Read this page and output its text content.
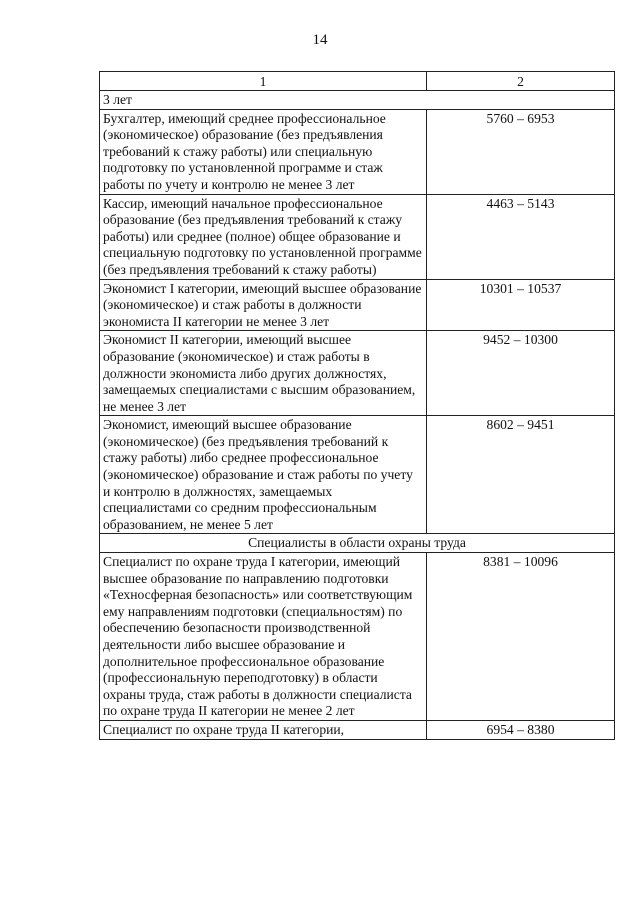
14
1	2
3 лет	
Бухгалтер, имеющий среднее профессиональное (экономическое) образование (без предъявления требований к стажу работы) или специальную подготовку по установленной программе и стаж работы по учету и контролю не менее 3 лет	5760 – 6953
Кассир, имеющий начальное профессиональное образование (без предъявления требований к стажу работы) или среднее (полное) общее образование и специальную подготовку по установленной программе (без предъявления требований к стажу работы)	4463 – 5143
Экономист I категории, имеющий высшее образование (экономическое) и стаж работы в должности экономиста II категории не менее 3 лет	10301 – 10537
Экономист II категории, имеющий высшее образование (экономическое) и стаж работы в должности экономиста либо других должностях, замещаемых специалистами с высшим образованием, не менее 3 лет	9452 – 10300
Экономист, имеющий высшее образование (экономическое) (без предъявления требований к стажу работы) либо среднее профессиональное (экономическое) образование и стаж работы по учету и контролю в должностях, замещаемых специалистами со средним профессиональным образованием, не менее 5 лет	8602 – 9451
Специалисты в области охраны труда	
Специалист по охране труда I категории, имеющий высшее образование по направлению подготовки «Техносферная безопасность» или соответствующим ему направлениям подготовки (специальностям) по обеспечению безопасности производственной деятельности либо высшее образование и дополнительное профессиональное образование (профессиональную переподготовку) в области охраны труда, стаж работы в должности специалиста по охране труда II категории не менее 2 лет	8381 – 10096
Специалист по охране труда II категории,	6954 – 8380
